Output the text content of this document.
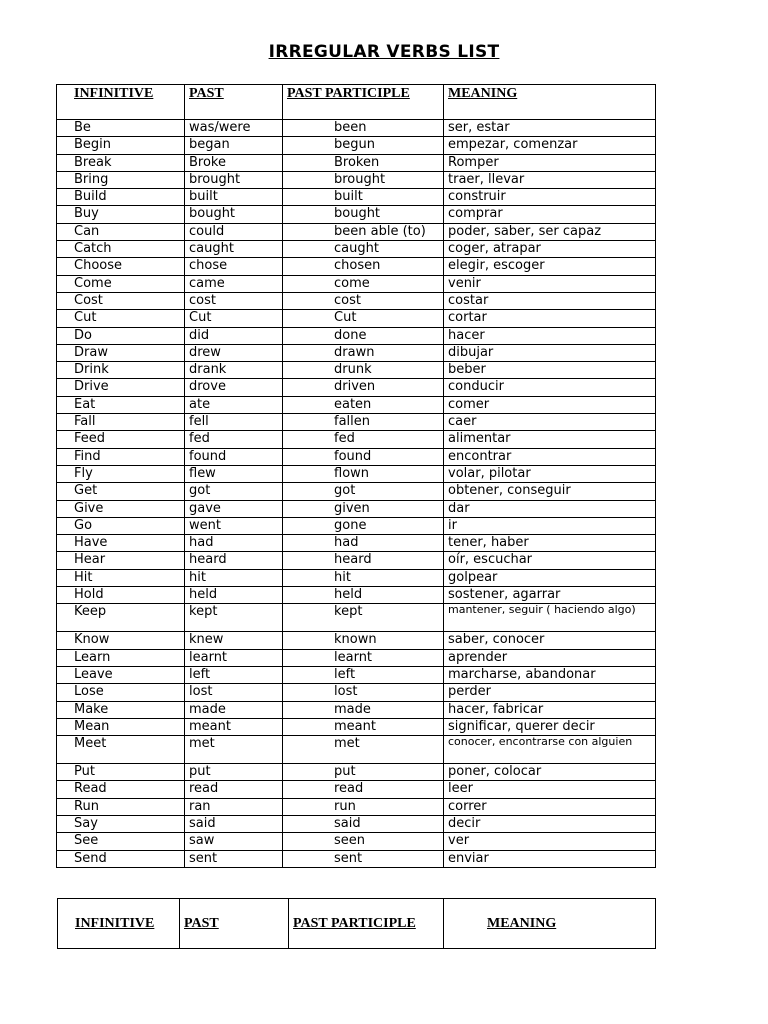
IRREGULAR VERBS LIST
INFINITIVE	PAST	PAST PARTICIPLE	MEANING
Be	was/were	been	ser, estar
Begin	began	begun	empezar, comenzar
Break	Broke	Broken	Romper
Bring	brought	brought	traer, llevar
Build	built	built	construir
Buy	bought	bought	comprar
Can	could	been able (to)	poder, saber, ser capaz
Catch	caught	caught	coger, atrapar
Choose	chose	chosen	elegir, escoger
Come	came	come	venir
Cost	cost	cost	costar
Cut	Cut	Cut	cortar
Do	did	done	hacer
Draw	drew	drawn	dibujar
Drink	drank	drunk	beber
Drive	drove	driven	conducir
Eat	ate	eaten	comer
Fall	fell	fallen	caer
Feed	fed	fed	alimentar
Find	found	found	encontrar
Fly	flew	flown	volar, pilotar
Get	got	got	obtener, conseguir
Give	gave	given	dar
Go	went	gone	ir
Have	had	had	tener, haber
Hear	heard	heard	oír, escuchar
Hit	hit	hit	golpear
Hold	held	held	sostener, agarrar
Keep	kept	kept	mantener, seguir ( haciendo algo)
Know	knew	known	saber, conocer
Learn	learnt	learnt	aprender
Leave	left	left	marcharse, abandonar
Lose	lost	lost	perder
Make	made	made	hacer, fabricar
Mean	meant	meant	significar, querer decir
Meet	met	met	conocer, encontrarse con alguien
Put	put	put	poner, colocar
Read	read	read	leer
Run	ran	run	correr
Say	said	said	decir
See	saw	seen	ver
Send	sent	sent	enviar
INFINITIVE	PAST	PAST PARTICIPLE	MEANING
